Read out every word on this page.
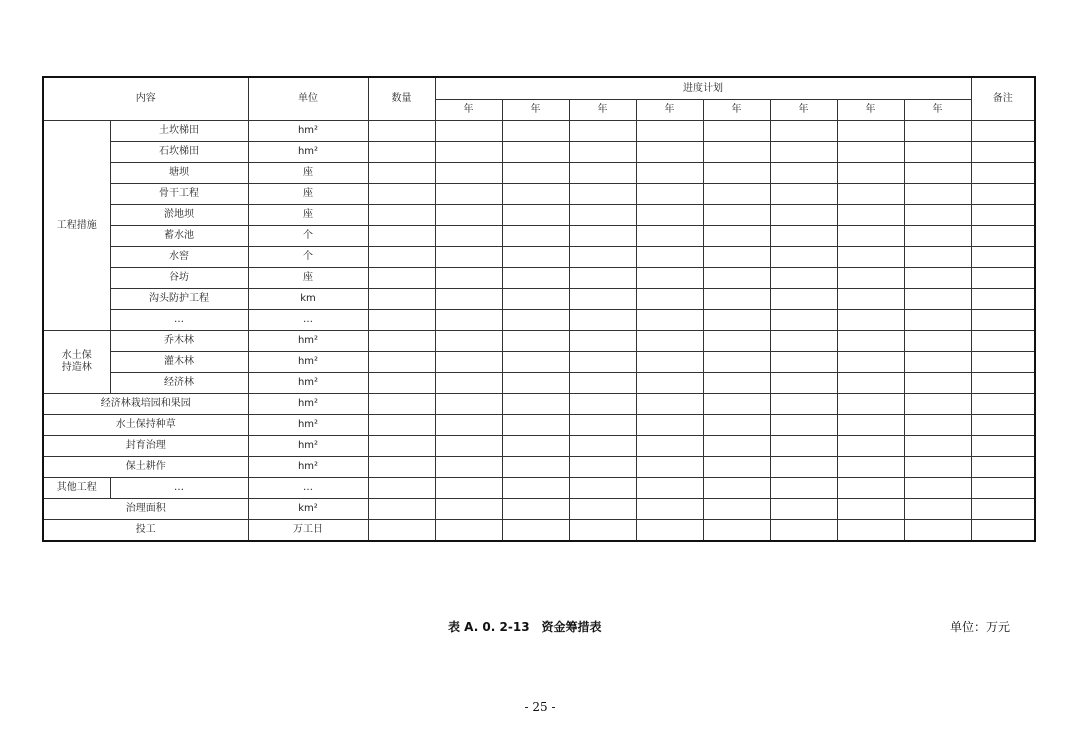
内容		单位	数量	进度计划								备注
				年	年	年	年	年	年	年	年	
工程措施	土坎梯田	hm²										
	石坎梯田	hm²										
	塘坝	座										
	骨干工程	座										
	淤地坝	座										
	蓄水池	个										
	水窖	个										
	谷坊	座										
	沟头防护工程	km										
	…	…										
水土保
持造林	乔木林	hm²										
	灌木林	hm²										
	经济林	hm²										
经济林栽培园和果园		hm²										
水土保持种草		hm²										
封育治理		hm²										
保土耕作		hm²										
其他工程	…	…										
治理面积		km²										
投工		万工日										
表 A. 0. 2-13　资金筹措表	单位：万元
- 25 -
